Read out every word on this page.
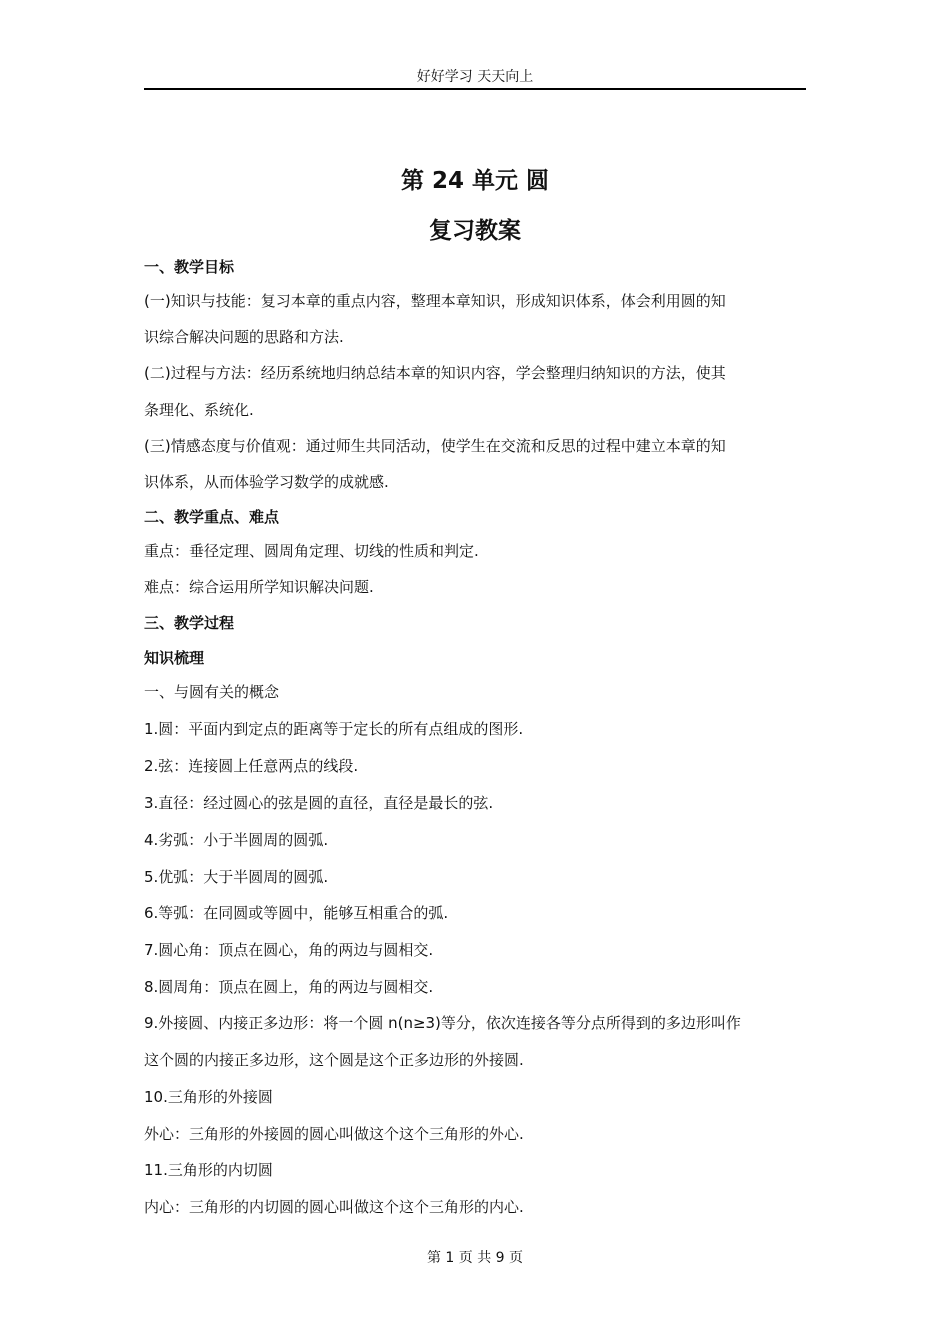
好好学习 天天向上
第 24 单元 圆
复习教案

一、教学目标

(一)知识与技能：复习本章的重点内容，整理本章知识，形成知识体系，体会利用圆的知

识综合解决问题的思路和方法.

(二)过程与方法：经历系统地归纳总结本章的知识内容，学会整理归纳知识的方法，使其

条理化、系统化.

(三)情感态度与价值观：通过师生共同活动，使学生在交流和反思的过程中建立本章的知

识体系，从而体验学习数学的成就感.

二、教学重点、难点

重点：垂径定理、圆周角定理、切线的性质和判定.

难点：综合运用所学知识解决问题.

三、教学过程

知识梳理

一、与圆有关的概念

1.圆：平面内到定点的距离等于定长的所有点组成的图形.

2.弦：连接圆上任意两点的线段.

3.直径：经过圆心的弦是圆的直径，直径是最长的弦.

4.劣弧：小于半圆周的圆弧.

5.优弧：大于半圆周的圆弧.

6.等弧：在同圆或等圆中，能够互相重合的弧.

7.圆心角：顶点在圆心，角的两边与圆相交.

8.圆周角：顶点在圆上，角的两边与圆相交.

9.外接圆、内接正多边形：将一个圆 n(n≥3)等分，依次连接各等分点所得到的多边形叫作

这个圆的内接正多边形，这个圆是这个正多边形的外接圆.

10.三角形的外接圆

外心：三角形的外接圆的圆心叫做这个这个三角形的外心.

11.三角形的内切圆

内心：三角形的内切圆的圆心叫做这个这个三角形的内心.

第 1 页 共 9 页
